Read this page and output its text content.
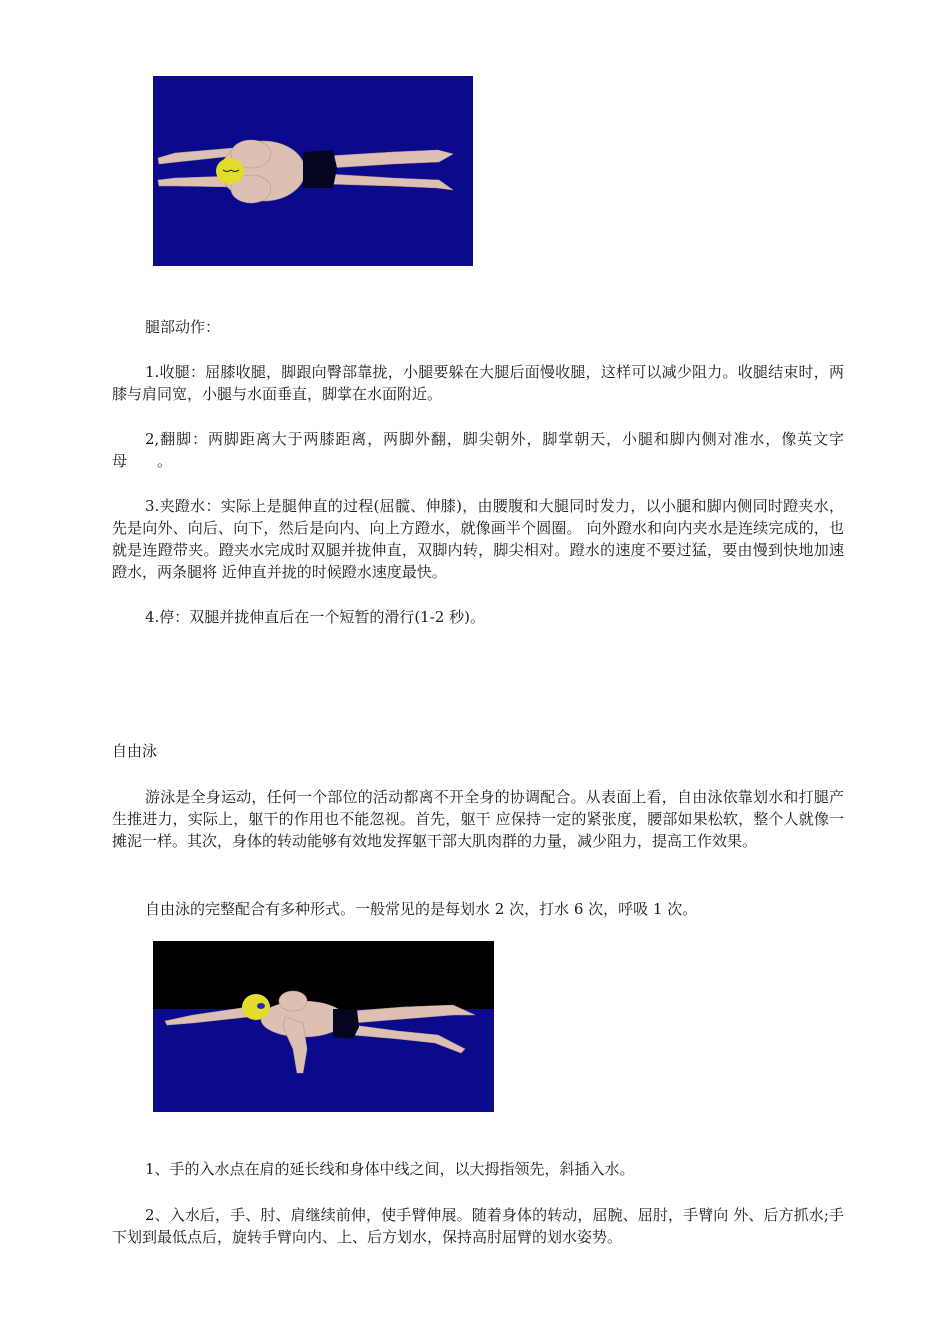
腿部动作：

1.收腿：屈膝收腿，脚跟向臀部靠拢，小腿要躲在大腿后面慢收腿，这样可以减少阻力。收腿结束时，两膝与肩同宽，小腿与水面垂直，脚掌在水面附近。

2,翻脚：两脚距离大于两膝距离，两脚外翻，脚尖朝外，脚掌朝天，小腿和脚内侧对准水，像英文字母　　。

3.夹蹬水：实际上是腿伸直的过程(屈髋、伸膝)，由腰腹和大腿同时发力，以小腿和脚内侧同时蹬夹水，先是向外、向后、向下，然后是向内、向上方蹬水，就像画半个圆圈。 向外蹬水和向内夹水是连续完成的，也就是连蹬带夹。蹬夹水完成时双腿并拢伸直，双脚内转，脚尖相对。蹬水的速度不要过猛，要由慢到快地加速蹬水，两条腿将 近伸直并拢的时候蹬水速度最快。

4.停：双腿并拢伸直后在一个短暂的滑行(1-2 秒)。

自由泳

游泳是全身运动，任何一个部位的活动都离不开全身的协调配合。从表面上看，自由泳依靠划水和打腿产生推进力，实际上，躯干的作用也不能忽视。首先，躯干 应保持一定的紧张度，腰部如果松软，整个人就像一摊泥一样。其次，身体的转动能够有效地发挥躯干部大肌肉群的力量，减少阻力，提高工作效果。

自由泳的完整配合有多种形式。一般常见的是每划水 2 次，打水 6 次，呼吸 1 次。

1、手的入水点在肩的延长线和身体中线之间，以大拇指领先，斜插入水。

2、入水后，手、肘、肩继续前伸，使手臂伸展。随着身体的转动，屈腕、屈肘，手臂向 外、后方抓水;手下划到最低点后，旋转手臂向内、上、后方划水，保持高肘屈臂的划水姿势。
